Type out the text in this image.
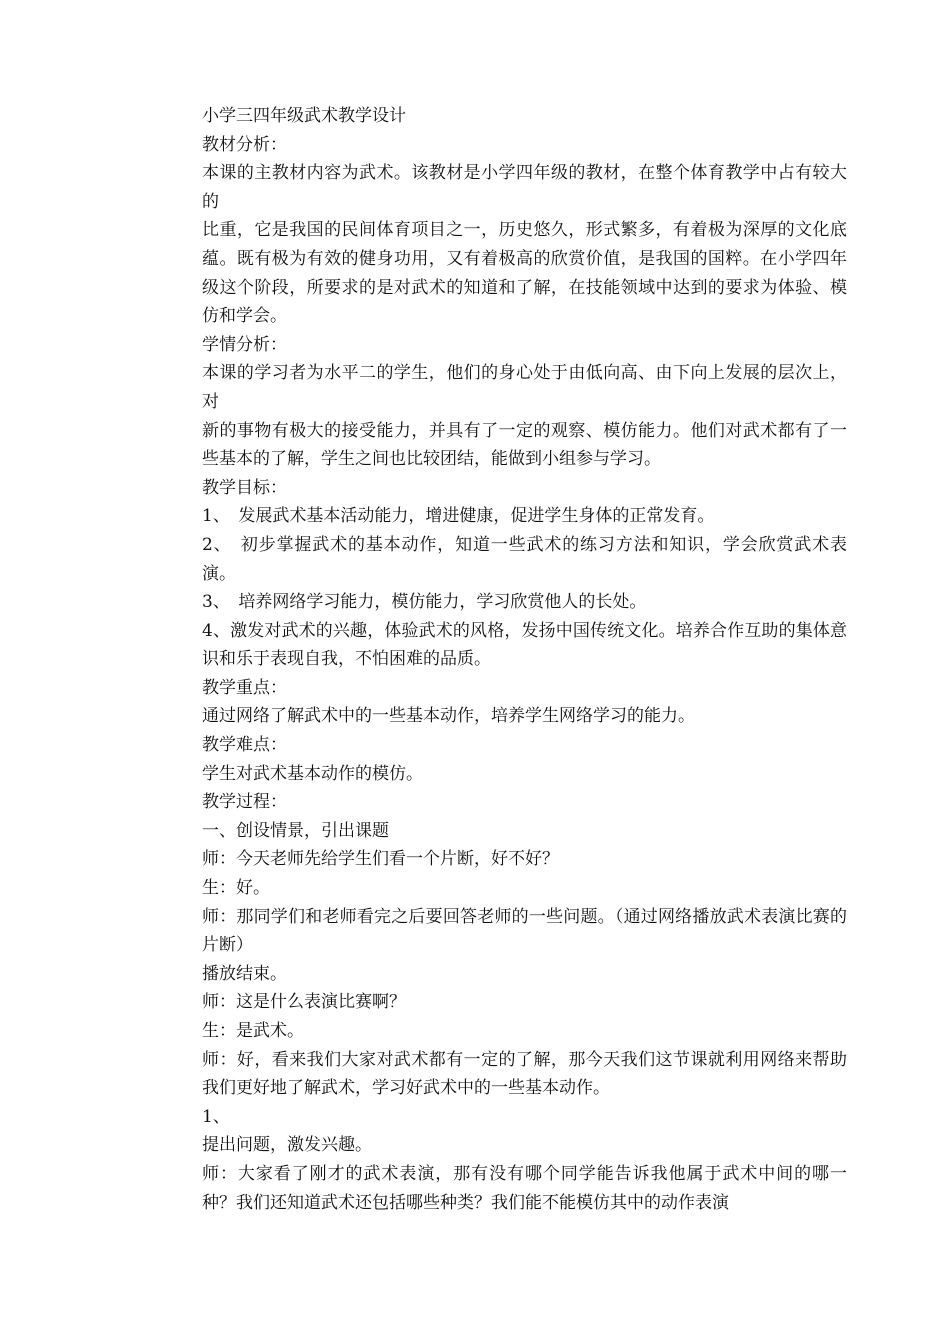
小学三四年级武术教学设计

教材分析：

本课的主教材内容为武术。该教材是小学四年级的教材，在整个体育教学中占有较大的

比重，它是我国的民间体育项目之一，历史悠久，形式繁多，有着极为深厚的文化底蕴。既有极为有效的健身功用，又有着极高的欣赏价值，是我国的国粹。在小学四年级这个阶段，所要求的是对武术的知道和了解，在技能领域中达到的要求为体验、模仿和学会。

学情分析：

本课的学习者为水平二的学生，他们的身心处于由低向高、由下向上发展的层次上，对

新的事物有极大的接受能力，并具有了一定的观察、模仿能力。他们对武术都有了一些基本的了解，学生之间也比较团结，能做到小组参与学习。

教学目标：

1、　发展武术基本活动能力，增进健康，促进学生身体的正常发育。

2、　初步掌握武术的基本动作，知道一些武术的练习方法和知识，学会欣赏武术表演。

3、　培养网络学习能力，模仿能力，学习欣赏他人的长处。

4、激发对武术的兴趣，体验武术的风格，发扬中国传统文化。培养合作互助的集体意识和乐于表现自我，不怕困难的品质。

教学重点：

通过网络了解武术中的一些基本动作，培养学生网络学习的能力。

教学难点：

学生对武术基本动作的模仿。

教学过程：

一、创设情景，引出课题

师：今天老师先给学生们看一个片断，好不好？

生：好。

师：那同学们和老师看完之后要回答老师的一些问题。（通过网络播放武术表演比赛的片断）

播放结束。

师：这是什么表演比赛啊？

生：是武术。

师：好，看来我们大家对武术都有一定的了解，那今天我们这节课就利用网络来帮助我们更好地了解武术，学习好武术中的一些基本动作。

1、

提出问题，激发兴趣。

师：大家看了刚才的武术表演，那有没有哪个同学能告诉我他属于武术中间的哪一种？我们还知道武术还包括哪些种类？我们能不能模仿其中的动作表演
